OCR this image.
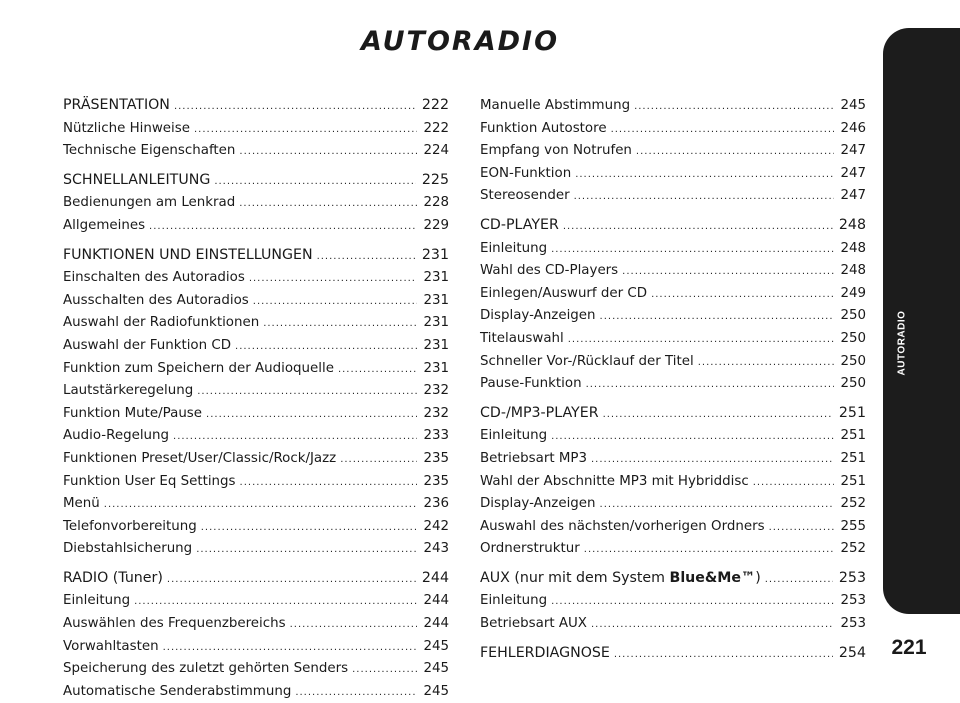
AUTORADIO
PRÄSENTATION .....	222
Nützliche Hinweise .....	222
Technische Eigenschaften .....	224
SCHNELLANLEITUNG .....	225
Bedienungen am Lenkrad .....	228
Allgemeines .....	229
FUNKTIONEN UND EINSTELLUNGEN .....	231
Einschalten des Autoradios .....	231
Ausschalten des Autoradios .....	231
Auswahl der Radiofunktionen .....	231
Auswahl der Funktion CD .....	231
Funktion zum Speichern der Audioquelle .....	231
Lautstärkeregelung .....	232
Funktion Mute/Pause .....	232
Audio-Regelung .....	233
Funktionen Preset/User/Classic/Rock/Jazz .....	235
Funktion User Eq Settings .....	235
Menü .....	236
Telefonvorbereitung .....	242
Diebstahlsicherung .....	243
RADIO (Tuner) .....	244
Einleitung .....	244
Auswählen des Frequenzbereichs .....	244
Vorwahltasten .....	245
Speicherung des zuletzt gehörten Senders .....	245
Automatische Senderabstimmung .....	245
Manuelle Abstimmung .....	245
Funktion Autostore .....	246
Empfang von Notrufen .....	247
EON-Funktion .....	247
Stereosender .....	247
CD-PLAYER .....	248
Einleitung .....	248
Wahl des CD-Players .....	248
Einlegen/Auswurf der CD .....	249
Display-Anzeigen .....	250
Titelauswahl .....	250
Schneller Vor-/Rücklauf der Titel .....	250
Pause-Funktion .....	250
CD-/MP3-PLAYER .....	251
Einleitung .....	251
Betriebsart MP3 .....	251
Wahl der Abschnitte MP3 mit Hybriddisc .....	251
Display-Anzeigen .....	252
Auswahl des nächsten/vorherigen Ordners .....	255
Ordnerstruktur .....	252
AUX (nur mit dem System Blue&Me™) .....	253
Einleitung .....	253
Betriebsart AUX .....	253
FEHLERDIAGNOSE .....	254
AUTORADIO
221
